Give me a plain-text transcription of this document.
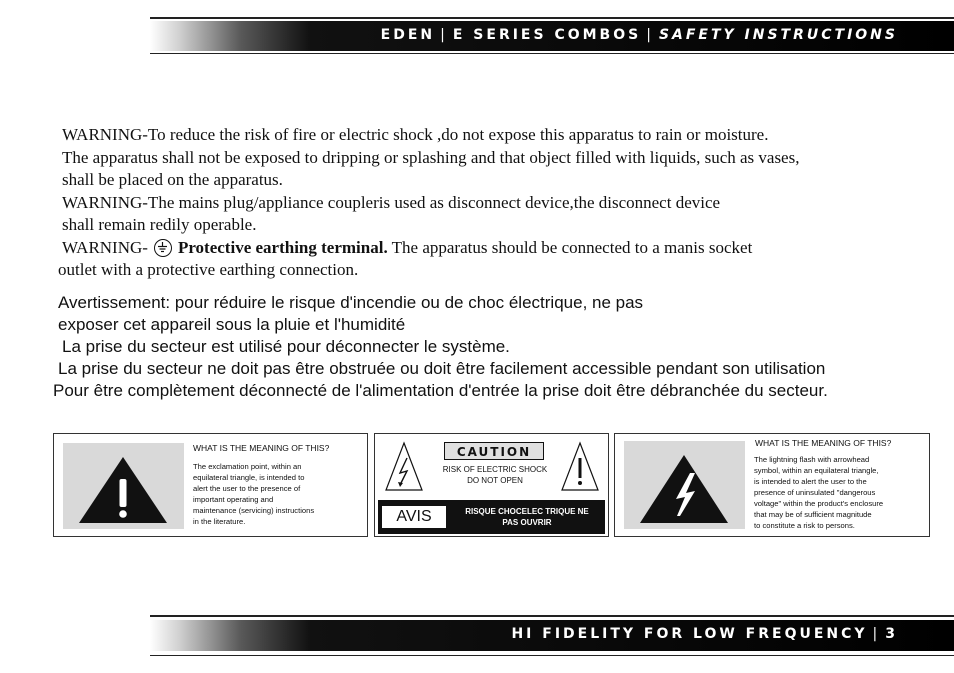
EDEN | E SERIES COMBOS | SAFETY INSTRUCTIONS
WARNING-To reduce the risk of fire or electric shock ,do not expose this apparatus to rain or moisture.
The apparatus shall not be exposed to dripping or splashing and that object filled with liquids, such as vases,
shall be placed on the apparatus.
WARNING-The mains plug/appliance coupleris used as disconnect device,the disconnect device
shall remain redily operable.
WARNING- Protective earthing terminal. The apparatus should be connected to a manis socket
outlet with a protective earthing connection.
Avertissement: pour réduire le risque d'incendie ou de choc électrique, ne pas
exposer cet appareil sous la pluie et l'humidité
La prise du secteur est utilisé pour déconnecter le système.
La prise du secteur ne doit pas être obstruée ou doit être facilement accessible pendant son utilisation
Pour être complètement déconnecté de l'alimentation d'entrée la prise doit être débranchée du secteur.
WHAT IS THE MEANING OF THIS?
The exclamation point, within an
equilateral triangle, is intended to
alert the user to the presence of
important operating and
maintenance (servicing) instructions
in the literature.
CAUTION
RISK OF ELECTRIC SHOCK
DO NOT OPEN
AVIS	RISQUE CHOCELEC TRIQUE NE
PAS OUVRIR
WHAT IS THE MEANING OF THIS?
The lightning flash with arrowhead
symbol, within an equilateral triangle,
is intended to alert the user to the
presence of uninsulated "dangerous
voltage" within the product's enclosure
that may be of sufficient magnitude
to constitute a risk to persons.
HI FIDELITY FOR LOW FREQUENCY | 3
